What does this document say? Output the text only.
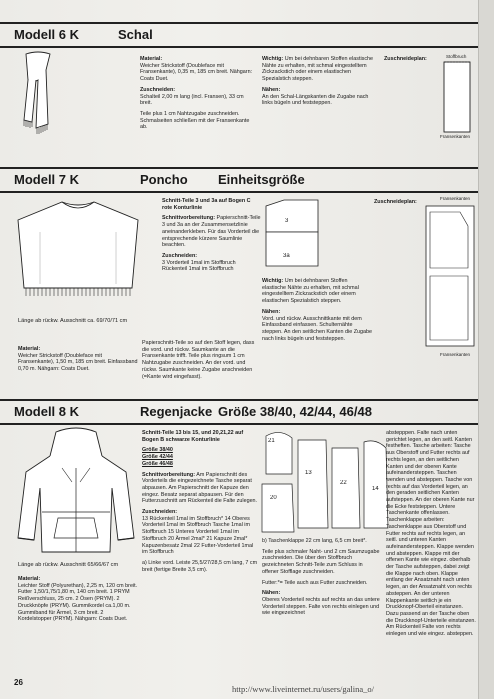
Modell 6 K	Schal

Material:
Weicher Strickstoff (Doubleface mit Fransenkante), 0,35 m, 185 cm breit. Nähgarn: Coats Duet.

Zuschneiden:
Schalteil 2,00 m lang (incl. Fransen), 33 cm breit.

Teile plus 1 cm Nahtzugabe zuschneiden. Schmalseiten schließen mit der Fransenkante ab.

Wichtig: Um bei dehnbaren Stoffen elastische Nähte zu erhalten, mit schmal eingestelltem Zickzackstich oder einem elastischen Spezialstich steppen.

Nähen:
An den Schal-Längskanten die Zugabe nach links bügeln und feststeppen.

Zuschneideplan:	Stoffbruch
Fransenkanten
Modell 7 K	Poncho Einheitsgröße
Länge ab rückw. Ausschnitt ca. 69/70/71 cm

Material:
Weicher Strickstoff (Doubleface mit Fransenkante), 1,50 m, 185 cm breit. Einfassband 0,70 m. Nähgarn: Coats Duet.

Schnitt-Teile 3 und 3a auf Bogen C rote Konturlinie

Schnittvorbereitung: Papierschnitt-Teile 3 und 3a an der Zusammensetzlinie aneinanderkleben. Für das Vorderteil die entsprechende kürzere Saumlinie beachten.

Zuschneiden:
3 Vorderteil 1mal im Stoffbruch Rückenteil 1mal im Stoffbruch

Papierschnitt-Teile so auf den Stoff legen, dass die vord. und rückw. Saumkante an die Fransenkante trifft. Teile plus ringsum 1 cm Nahtzugabe zuschneiden. An der vord. und rückw. Saumkante keine Zugabe anschneiden (=Kante wird eingefasst).
3
3a

Wichtig: Um bei dehnbaren Stoffen elastische Nähte zu erhalten, mit schmal eingestelltem Zickzackstich oder einem elastischen Spezialstich steppen.

Nähen:
Vord. und rückw. Ausschnittkante mit dem Einfassband einfassen. Schulternähte steppen. An den seitlichen Kanten die Zugabe nach links bügeln und feststeppen.

Zuschneideplan:
Fransenkanten
Fransenkanten
Modell 8 K	Regenjacke Größe 38/40, 42/44, 46/48
Länge ab rückw. Ausschnitt 65/66/67 cm

Material:
Leichter Stoff (Polyurethan), 2,25 m, 120 cm breit. Futter 1,50/1,75/1,80 m, 140 cm breit. 1 PRYM Reißverschluss, 25 cm. 2 Ösen (PRYM). 2 Druckknöpfe (PRYM). Gummikordel ca.1,00 m. Gummiband für Ärmel, 3 cm breit. 2 Kordelstopper (PRYM). Nähgarn: Coats Duet.

Schnitt-Teile 13 bis 15, und 20,21,22 auf Bogen B schwarze Konturlinie

Größe 38/40

Größe 42/44

Größe 46/48

Schnittvorbereitung: Am Papierschnitt des Vorderteils die eingezeichnete Tasche separat abpausen. Am Papierschnitt der Kapuze den eingez. Besatz separat abpausen. Für den Futterzuschnitt am Rückenteil die Falte zulegen.

Zuschneiden:
13 Rückenteil 1mal im Stoffbruch* 14 Oberes Vorderteil 1mal im Stoffbruch Tasche 1mal im Stoffbruch 15 Unteres Vorderteil 1mal im Stoffbruch 20 Ärmel 2mal* 21 Kapuze 2mal* Kapuzenbesatz 2mal 22 Futter-Vorderteil 1mal im Stoffbruch

a) Linke vord. Leiste 25,5/27/28,5 cm lang, 7 cm breit (fertige Breite 3,5 cm).

21
13
22
20
14

b) Taschenklappe 22 cm lang, 6,5 cm breit*.

Teile plus schmaler Naht- und 2 cm Saumzugabe zuschneiden. Die über den Stoffbruch gezeichneten Schnitt-Teile zum Schluss in offener Stofflage zuschneiden.

Futter:*= Teile auch aus Futter zuschneiden.

Nähen:
Oberes Vorderteil rechts auf rechts an das untere Vorderteil steppen. Falte von rechts einlegen und wie eingezeichnet

abstepppen. Falte nach unten gerichtet legen, an den seitl. Kanten festheften. Tasche arbeiten: Tasche aus Oberstoff und Futter rechts auf rechts legen, an den seitlichen Kanten und der oberen Kante aufeinandersteppen. Taschen wenden und absteppen. Tasche von rechts auf das Vorderteil legen, an den geraden seitlichen Kanten aufsteppen. An der oberen Kante nur die Ecke feststeppen. Untere Taschenkante offenlassen. Taschenklappe arbeiten: Taschenklappe aus Oberstoff und Futter rechts auf rechts legen, an seitl. und unteren Kanten aufeinandersteppen. Klappe wenden und absteppen. Klappe mit der offenen Kante wie eingez. oberhalb der Tasche aufsteppen, dabei zeigt die Klappe nach oben. Klappe entlang der Ansatznaht nach unten legen, an der Ansatznaht von rechts absteppen. An der unteren Klappenkante seitlich je ein Druckknopf-Oberteil einstanzen. Dazu passend an der Tasche oben die Druckknopf-Unterteile einstanzen. Am Rückenteil Falte von rechts einlegen und wie eingez. absteppen.
26
http://www.liveinternet.ru/users/galina_o/
